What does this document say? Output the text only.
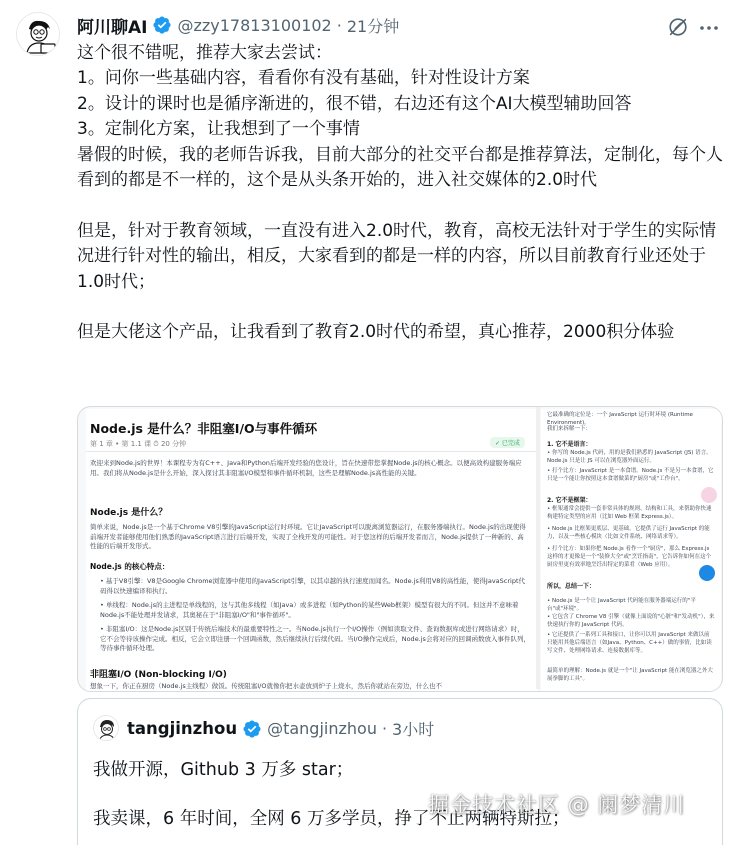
阿川聊AI @zzy17813100102 · 21分钟

这个很不错呢，推荐大家去尝试：

1。问你一些基础内容，看看你有没有基础，针对性设计方案

2。设计的课时也是循序渐进的，很不错，右边还有这个AI大模型辅助回答

3。定制化方案，让我想到了一个事情

暑假的时候，我的老师告诉我，目前大部分的社交平台都是推荐算法，定制化，每个人看到的都是不一样的，这个是从头条开始的，进入社交媒体的2.0时代

但是，针对于教育领域，一直没有进入2.0时代，教育，高校无法针对于学生的实际情况进行针对性的输出，相反，大家看到的都是一样的内容，所以目前教育行业还处于1.0时代；

但是大佬这个产品，让我看到了教育2.0时代的希望，真心推荐，2000积分体验

Node.js 是什么？非阻塞I/O与事件循环
第 1 章 • 第 1.1 课 ⏱ 20 分钟	✓ 已完成
欢迎来到Node.js的世界！本课程专为有C++、Java和Python后端开发经验的您设计，旨在快速带您掌握Node.js的核心概念。以便高效构建服务端应用。我们将从Node.js是什么开始，深入探讨其非阻塞I/O模型和事件循环机制，这些是理解Node.js高性能的关键。
Node.js 是什么？
简单来说，Node.js是一个基于Chrome V8引擎的JavaScript运行时环境。它让JavaScript可以脱离浏览器运行，在服务器端执行。Node.js的出现使得前端开发者能够使用他们熟悉的JavaScript语言进行后端开发，实现了全栈开发的可能性。对于您这样的后端开发者而言，Node.js提供了一种新的、高性能的后端开发形式。
Node.js 的核心特点：
• 基于V8引擎：V8是Google Chrome浏览器中使用的JavaScript引擎，以其卓越的执行速度而闻名。Node.js利用V8的高性能，使得JavaScript代码得以快速编译和执行。
• 单线程：Node.js的主进程是单线程的，这与其他多线程（如Java）或多进程（如Python的某些Web框架）模型有很大的不同。但这并不意味着Node.js不能处理并发请求，其奥秘在于"非阻塞I/O"和"事件循环"。
• 非阻塞I/O：这是Node.js区别于传统后端技术的最重要特性之一。当Node.js执行一个I/O操作（例如读取文件、查询数据库或进行网络请求）时，它不会等待该操作完成。相反，它会立即注册一个回调函数，然后继续执行后续代码。当I/O操作完成后，Node.js会将对应的回调函数放入事件队列，等待事件循环处理。
非阻塞I/O (Non-blocking I/O)
想象一下，你正在厨房（Node.js主线程）做饭。传统阻塞I/O就像你把水壶放到炉子上烧水，然后你就站在旁边，什么也不
它最准确的定位是：一个 JavaScript 运行时环境 (Runtime Environment)。
我们来拆解一下：
1. 它不是语言：
• 你写的 Node.js 代码，用的是我们熟悉的 JavaScript (JS) 语言。Node.js 只是让 JS 可以在浏览器外面运行。
• 打个比方：JavaScript 是一本食谱。Node.js 不是另一本食谱，它只是一个能让你按照这本食谱做菜的"厨房"或"工作台"。
2. 它不是框架：
• 框架通常会提供一套非常具体的规则、结构和工具，来帮助你快速构建特定类型的应用（比如 Web 框架 Express.js）。
• Node.js 比框架更底层、更基础。它提供了运行 JavaScript 的能力，以及一些核心模块（比如文件系统、网络请求等）。
• 打个比方：如果你把 Node.js 看作一个"厨房"，那么 Express.js 这样的才更像是一个"装修大全"或"烹饪指南"，它告诉你如何在这个厨房里更有效率地烹饪出特定的菜肴（Web 应用）。
所以，总结一下：
• Node.js 是一个让 JavaScript 代码能在服务器端运行的"平台"或"环境"。
• 它包含了 Chrome V8 引擎（就像上面说的"心脏"和"发动机"），来快速执行你的 JavaScript 代码。
• 它还提供了一系列工具和接口，让你可以用 JavaScript 来做以前只能用其他后端语言（如Java、Python、C++）做的事情，比如读写文件、处理网络请求、连接数据库等。
最简单的理解：Node.js 就是一个"让 JavaScript 能在浏览器之外大展拳脚的工具"。
tangjinzhou @tangjinzhou · 3小时
我做开源，Github 3 万多 star；
我卖课，6 年时间，全网 6 万多学员，挣了不止两辆特斯拉；
掘金技术社区 @ 阑梦清川
